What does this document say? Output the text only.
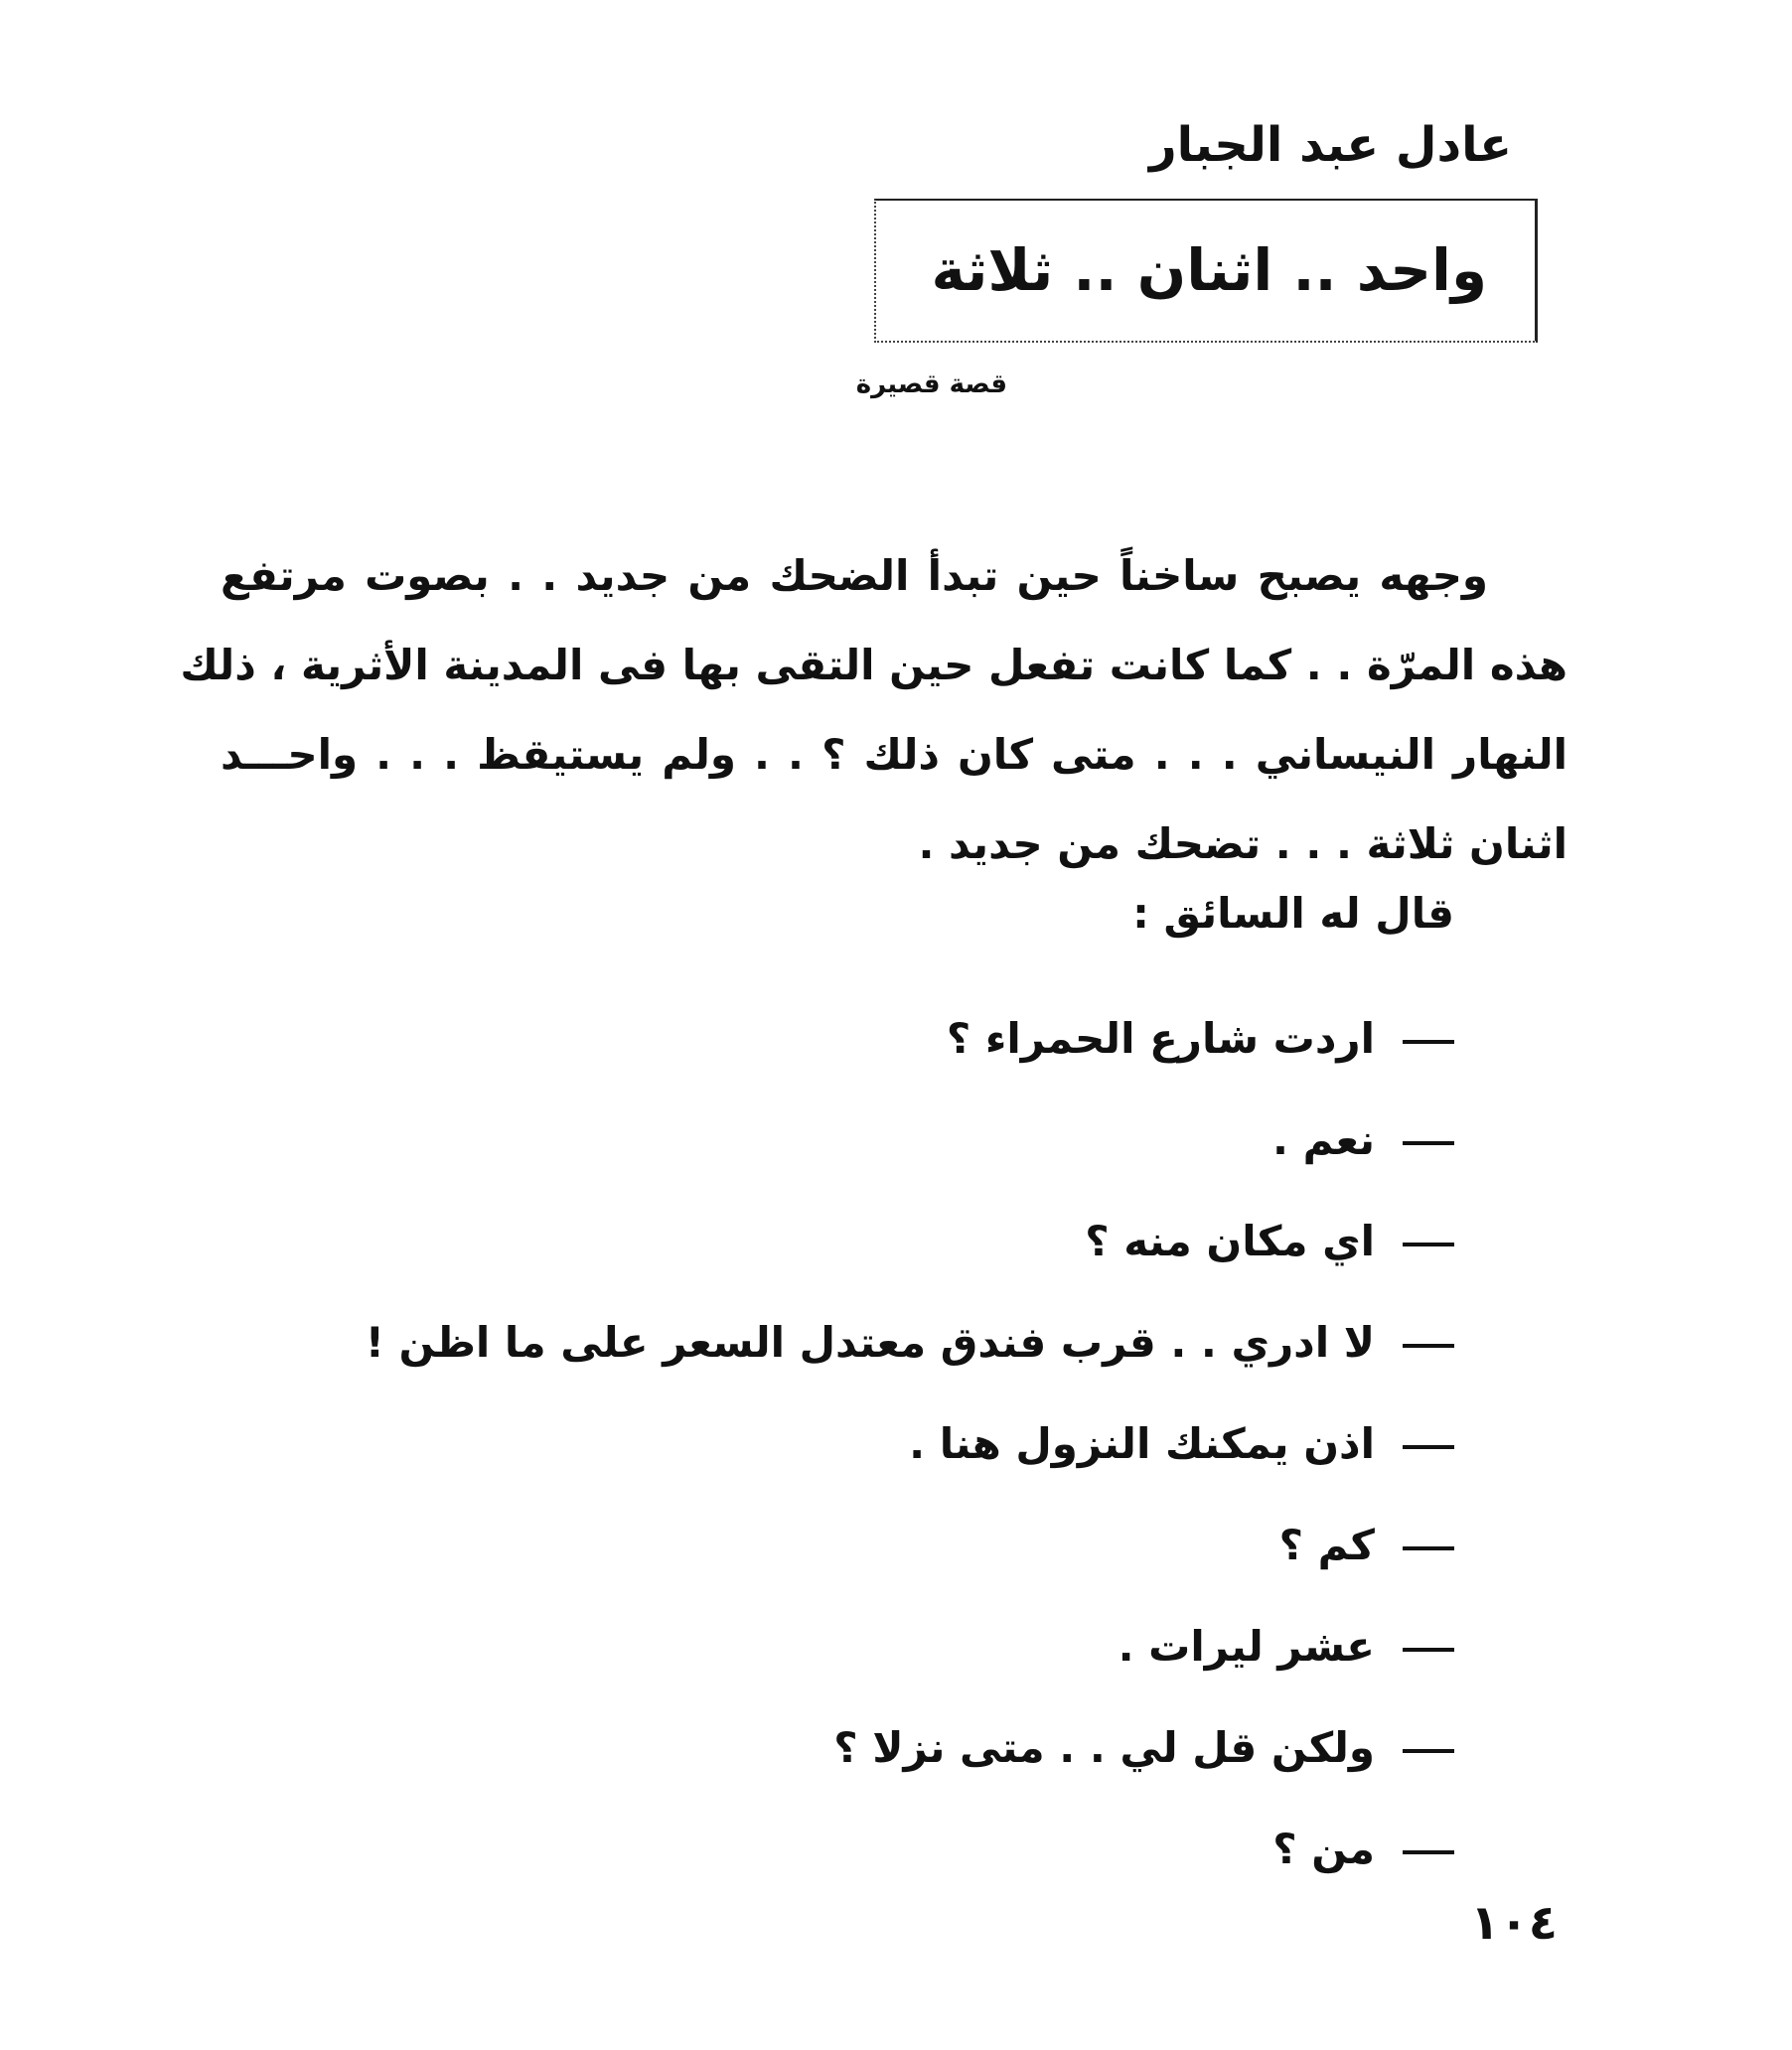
عادل عبد الجبار
واحد .. اثنان .. ثلاثة
قصة قصيرة
وجهه يصبح ساخناً حين تبدأ الضحك من جديد . . بصوت مرتفع
هذه المرّة . . كما كانت تفعل حين التقى بها فى المدينة الأثرية ، ذلك
النهار النيساني . . . متى كان ذلك ؟ . . ولم يستيقظ . . . واحـــد
اثنان ثلاثة . . . تضحك من جديد .
قال له السائق :
اردت شارع الحمراء ؟
نعم .
اي مكان منه ؟
لا ادري . . قرب فندق معتدل السعر على ما اظن !
اذن يمكنك النزول هنا .
كم ؟
عشر ليرات .
ولكن قل لي . . متى نزلا ؟
من ؟
١٠٤
